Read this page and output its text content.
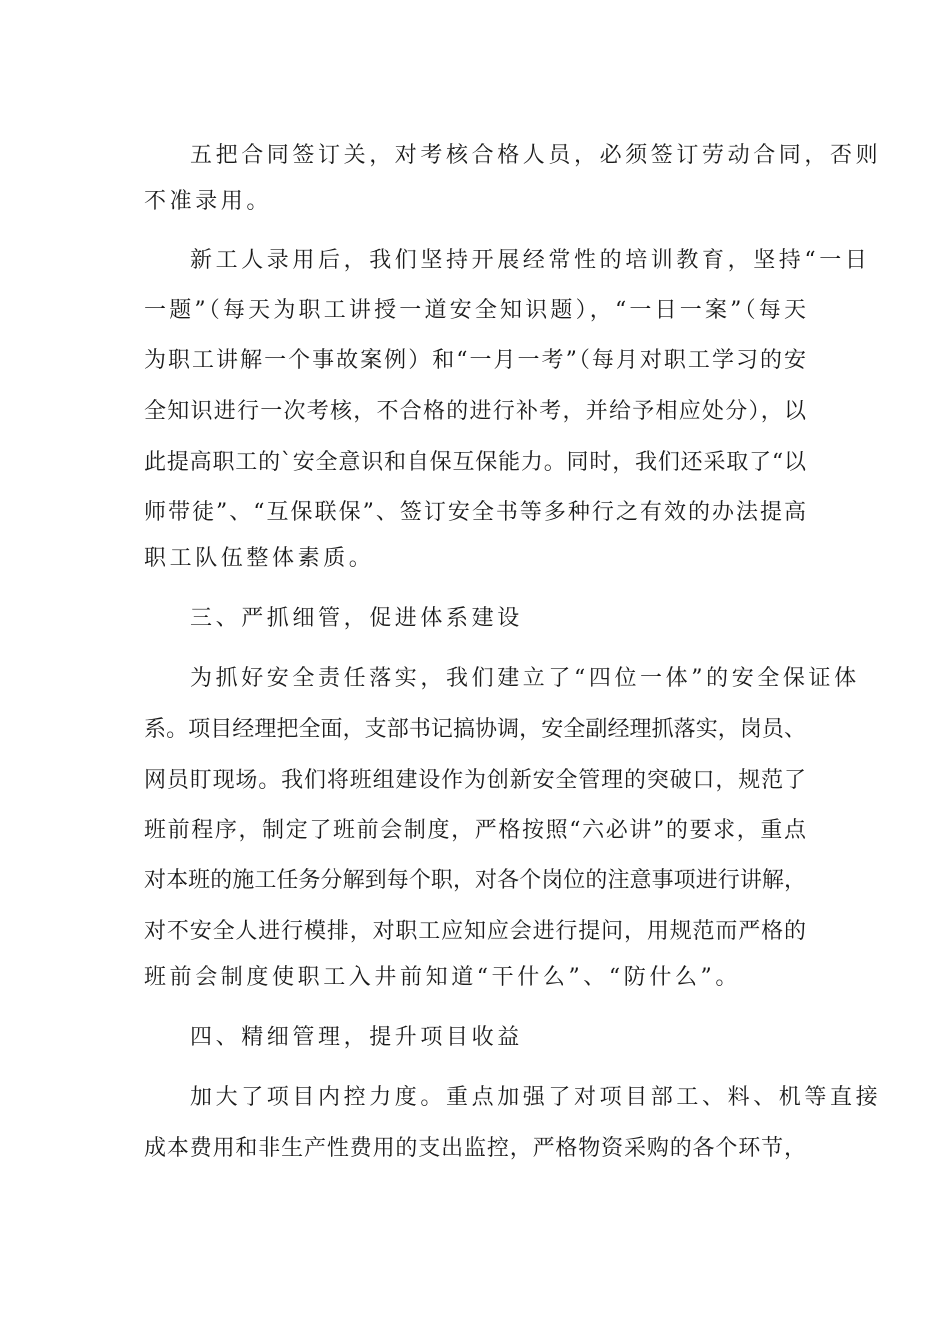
五把合同签订关，对考核合格人员，必须签订劳动合同，否则
不准录用。
新工人录用后，我们坚持开展经常性的培训教育，坚持“一日
一题”（每天为职工讲授一道安全知识题），“一日一案”（每天
为职工讲解一个事故案例）和“一月一考”（每月对职工学习的安
全知识进行一次考核，不合格的进行补考，并给予相应处分），以
此提高职工的`安全意识和自保互保能力。同时，我们还采取了“以
师带徒”、“互保联保”、签订安全书等多种行之有效的办法提高
职工队伍整体素质。
三、严抓细管，促进体系建设
为抓好安全责任落实，我们建立了“四位一体”的安全保证体
系。项目经理把全面，支部书记搞协调，安全副经理抓落实，岗员、
网员盯现场。我们将班组建设作为创新安全管理的突破口，规范了
班前程序，制定了班前会制度，严格按照“六必讲”的要求，重点
对本班的施工任务分解到每个职，对各个岗位的注意事项进行讲解，
对不安全人进行模排，对职工应知应会进行提问，用规范而严格的
班前会制度使职工入井前知道“干什么”、“防什么”。
四、精细管理，提升项目收益
加大了项目内控力度。重点加强了对项目部工、料、机等直接
成本费用和非生产性费用的支出监控，严格物资采购的各个环节，
